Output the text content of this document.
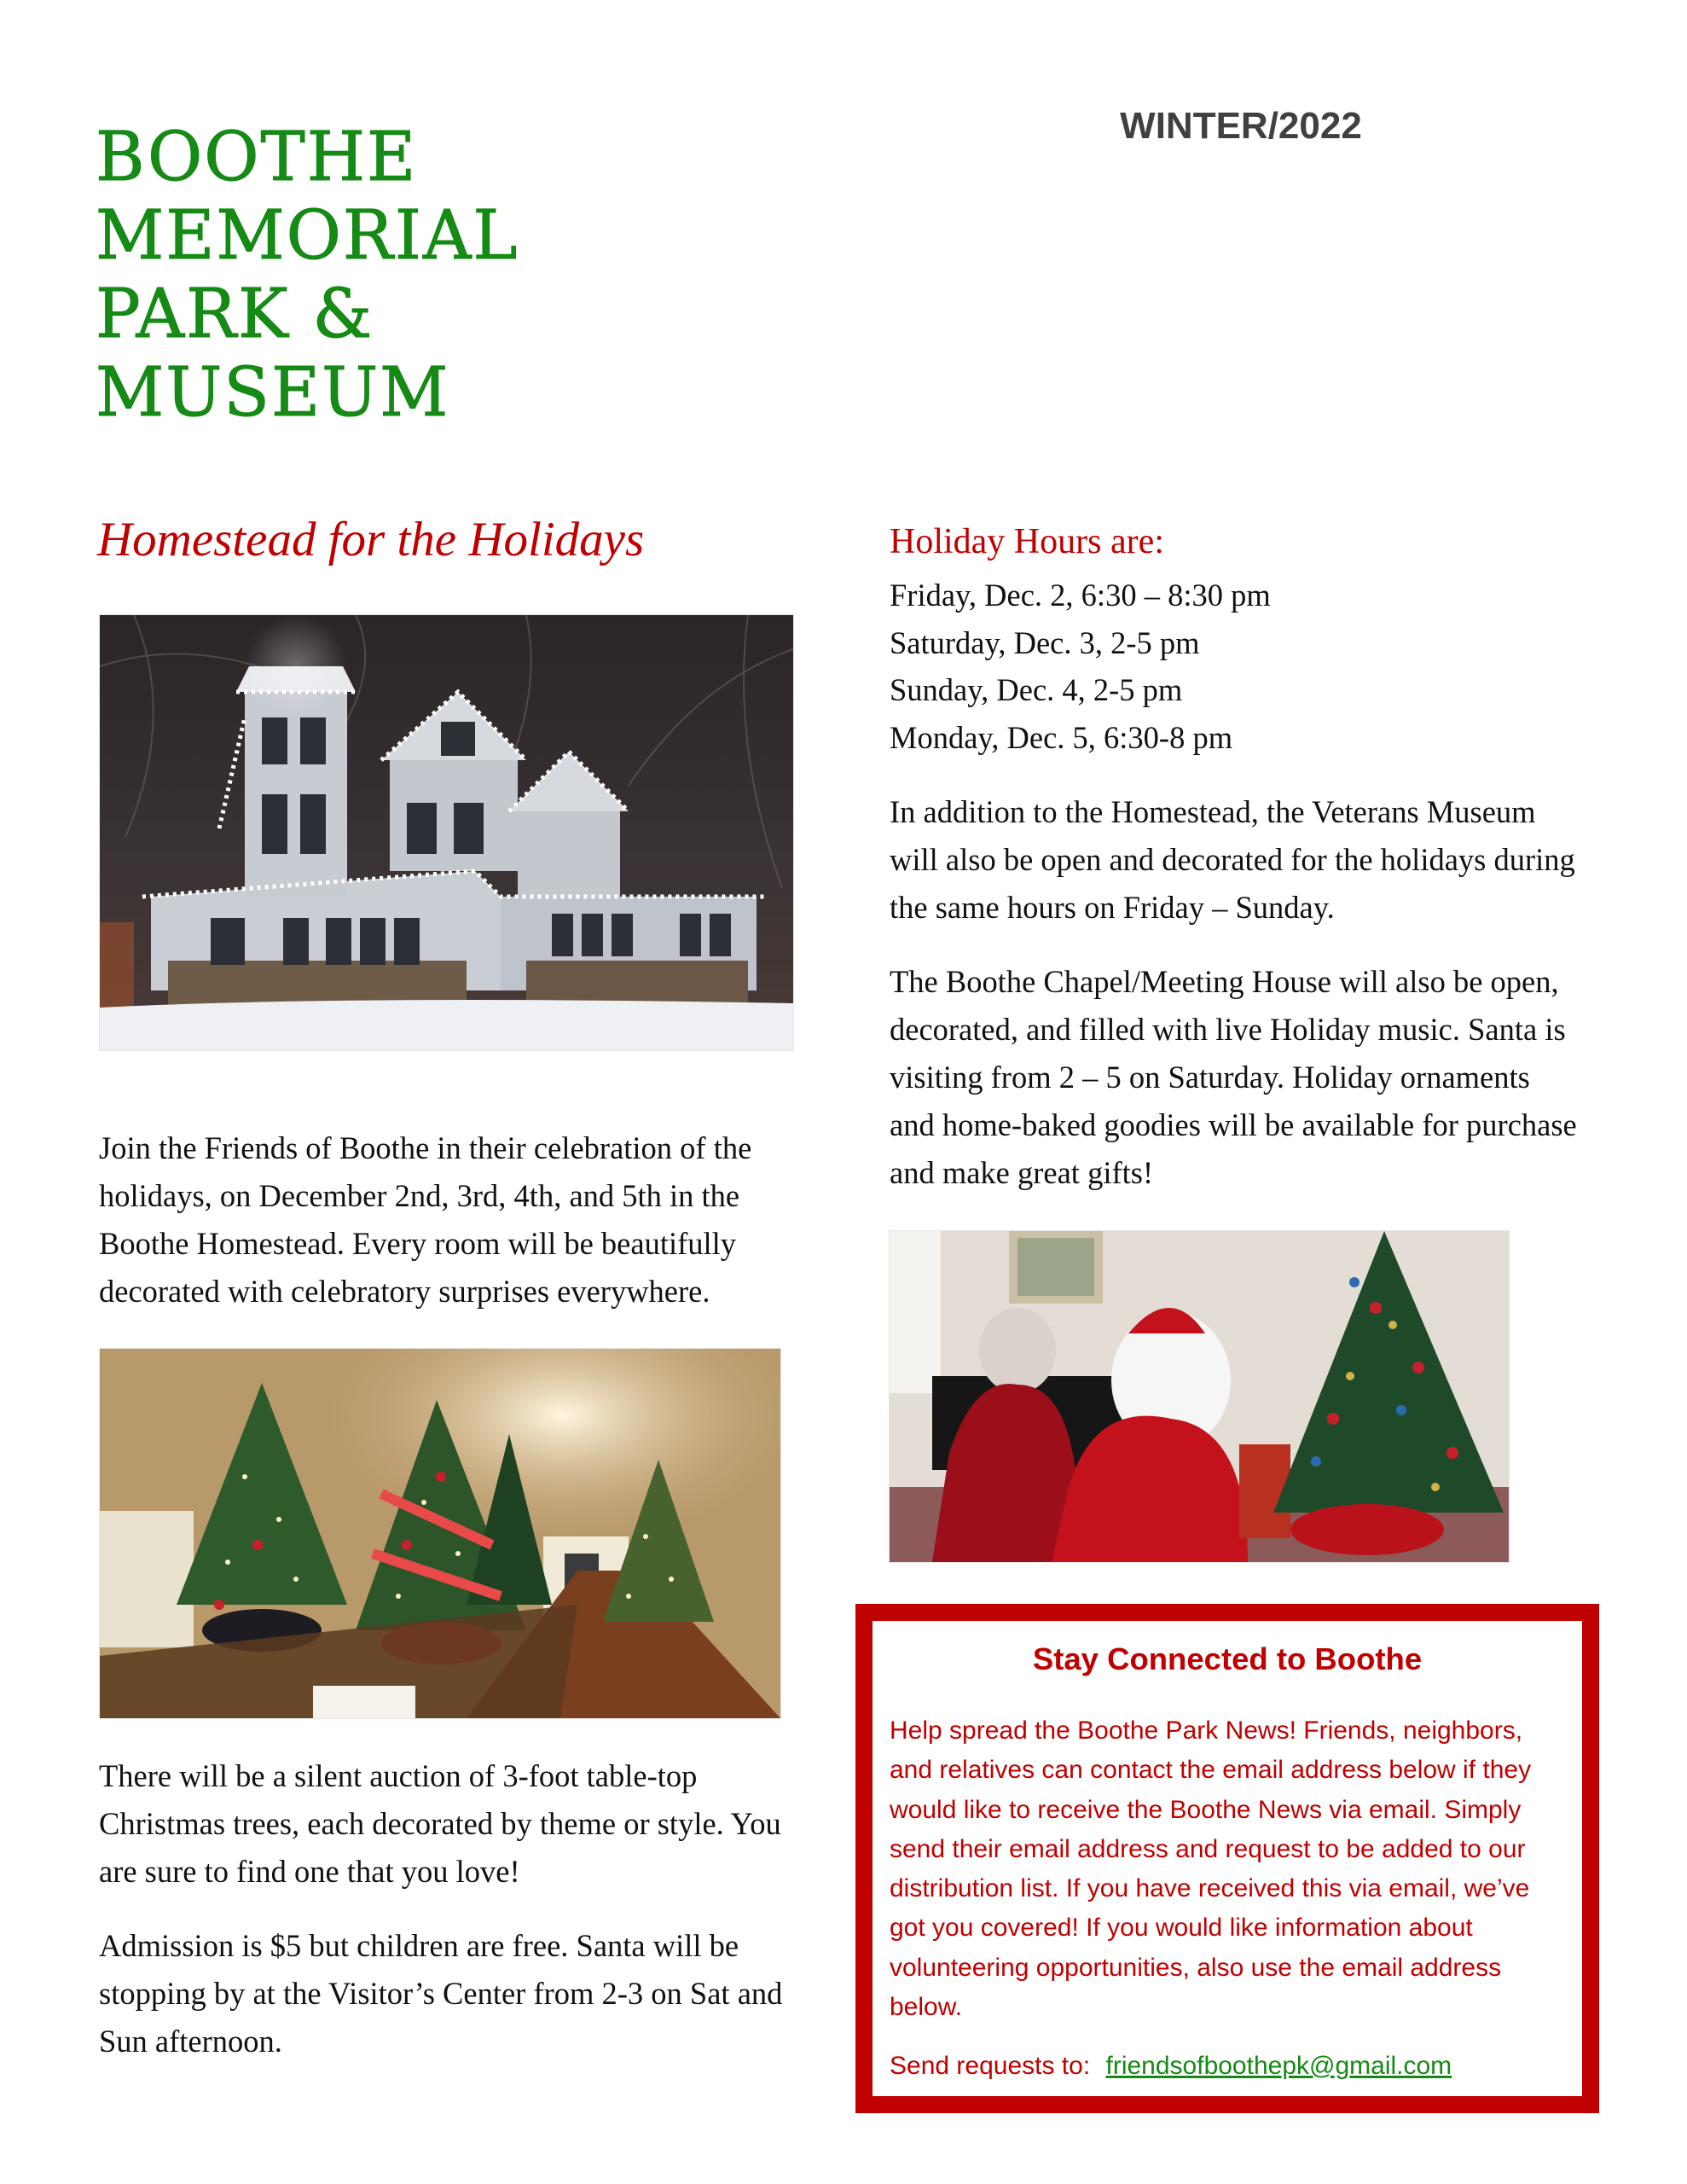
BOOTHE
MEMORIAL
PARK &
MUSEUM
WINTER/2022
Homestead for the Holidays

Join the Friends of Boothe in their celebration of the holidays, on December 2nd, 3rd, 4th, and 5th in the Boothe Homestead. Every room will be beautifully decorated with celebratory surprises everywhere.

There will be a silent auction of 3-foot table-top Christmas trees, each decorated by theme or style. You are sure to find one that you love!

Admission is $5 but children are free. Santa will be stopping by at the Visitor’s Center from 2-3 on Sat and Sun afternoon.

Holiday Hours are:
Friday, Dec. 2, 6:30 – 8:30 pm
Saturday, Dec. 3, 2-5 pm
Sunday, Dec. 4, 2-5 pm
Monday, Dec. 5, 6:30-8 pm

In addition to the Homestead, the Veterans Museum will also be open and decorated for the holidays during the same hours on Friday – Sunday.

The Boothe Chapel/Meeting House will also be open, decorated, and filled with live Holiday music. Santa is visiting from 2 – 5 on Saturday. Holiday ornaments and home-baked goodies will be available for purchase and make great gifts!

Stay Connected to Boothe
Help spread the Boothe Park News! Friends, neighbors, and relatives can contact the email address below if they would like to receive the Boothe News via email. Simply send their email address and request to be added to our distribution list. If you have received this via email, we’ve got you covered! If you would like information about volunteering opportunities, also use the email address below.
Send requests to: friendsofboothepk@gmail.com
